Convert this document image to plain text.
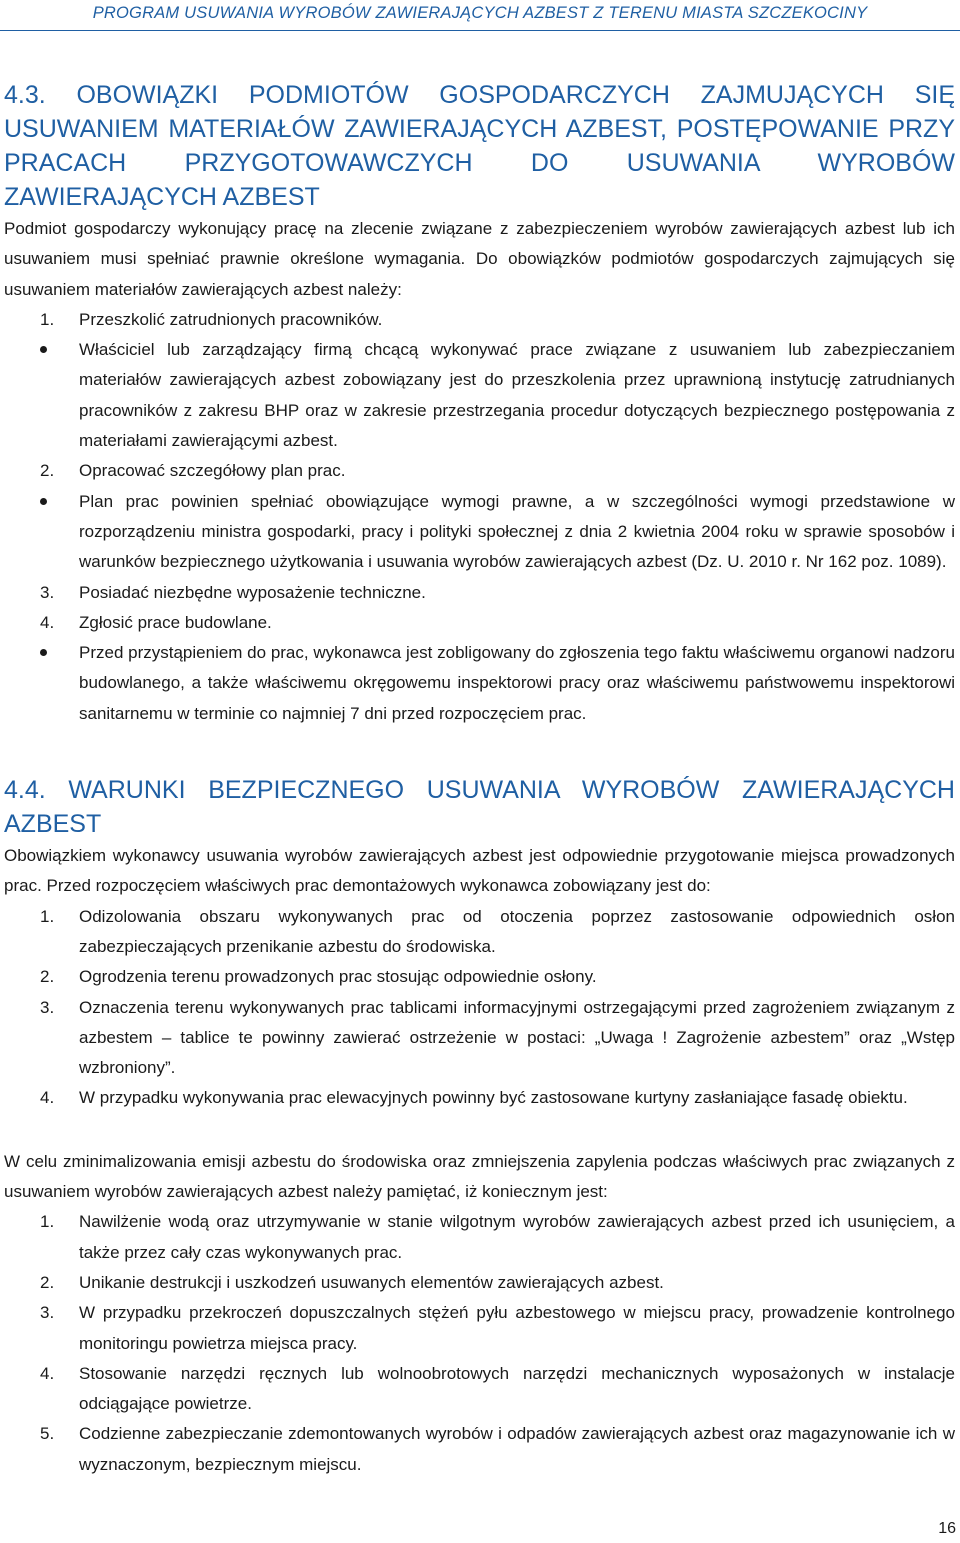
PROGRAM USUWANIA WYROBÓW ZAWIERAJĄCYCH AZBEST Z TERENU MIASTA SZCZEKOCINY
4.3. OBOWIĄZKI PODMIOTÓW GOSPODARCZYCH ZAJMUJĄCYCH SIĘ USUWANIEM MATERIAŁÓW ZAWIERAJĄCYCH AZBEST, POSTĘPOWANIE PRZY PRACACH PRZYGOTOWAWCZYCH DO USUWANIA WYROBÓW ZAWIERAJĄCYCH AZBEST

Podmiot gospodarczy wykonujący pracę na zlecenie związane z zabezpieczeniem wyrobów zawierających azbest lub ich usuwaniem musi spełniać prawnie określone wymagania. Do obowiązków podmiotów gospodarczych zajmujących się usuwaniem materiałów zawierających azbest należy:

1. Przeszkolić zatrudnionych pracowników.
Właściciel lub zarządzający firmą chcącą wykonywać prace związane z usuwaniem lub zabezpieczaniem materiałów zawierających azbest zobowiązany jest do przeszkolenia przez uprawnioną instytucję zatrudnianych pracowników z zakresu BHP oraz w zakresie przestrzegania procedur dotyczących bezpiecznego postępowania z materiałami zawierającymi azbest.
2. Opracować szczegółowy plan prac.
Plan prac powinien spełniać obowiązujące wymogi prawne, a w szczególności wymogi przedstawione w rozporządzeniu ministra gospodarki, pracy i polityki społecznej z dnia 2 kwietnia 2004 roku w sprawie sposobów i warunków bezpiecznego użytkowania i usuwania wyrobów zawierających azbest (Dz. U. 2010 r. Nr 162 poz. 1089).
3. Posiadać niezbędne wyposażenie techniczne.
4. Zgłosić prace budowlane.
Przed przystąpieniem do prac, wykonawca jest zobligowany do zgłoszenia tego faktu właściwemu organowi nadzoru budowlanego, a także właściwemu okręgowemu inspektorowi pracy oraz właściwemu państwowemu inspektorowi sanitarnemu w terminie co najmniej 7 dni przed rozpoczęciem prac.
4.4. WARUNKI BEZPIECZNEGO USUWANIA WYROBÓW ZAWIERAJĄCYCH AZBEST

Obowiązkiem wykonawcy usuwania wyrobów zawierających azbest jest odpowiednie przygotowanie miejsca prowadzonych prac. Przed rozpoczęciem właściwych prac demontażowych wykonawca zobowiązany jest do:

1. Odizolowania obszaru wykonywanych prac od otoczenia poprzez zastosowanie odpowiednich osłon zabezpieczających przenikanie azbestu do środowiska.
2. Ogrodzenia terenu prowadzonych prac stosując odpowiednie osłony.
3. Oznaczenia terenu wykonywanych prac tablicami informacyjnymi ostrzegającymi przed zagrożeniem związanym z azbestem – tablice te powinny zawierać ostrzeżenie w postaci: „Uwaga ! Zagrożenie azbestem” oraz „Wstęp wzbroniony”.
4. W przypadku wykonywania prac elewacyjnych powinny być zastosowane kurtyny zasłaniające fasadę obiektu.

W celu zminimalizowania emisji azbestu do środowiska oraz zmniejszenia zapylenia podczas właściwych prac związanych z usuwaniem wyrobów zawierających azbest należy pamiętać, iż koniecznym jest:

1. Nawilżenie wodą oraz utrzymywanie w stanie wilgotnym wyrobów zawierających azbest przed ich usunięciem, a także przez cały czas wykonywanych prac.
2. Unikanie destrukcji i uszkodzeń usuwanych elementów zawierających azbest.
3. W przypadku przekroczeń dopuszczalnych stężeń pyłu azbestowego w miejscu pracy, prowadzenie kontrolnego monitoringu powietrza miejsca pracy.
4. Stosowanie narzędzi ręcznych lub wolnoobrotowych narzędzi mechanicznych wyposażonych w instalacje odciągające powietrze.
5. Codzienne zabezpieczanie zdemontowanych wyrobów i odpadów zawierających azbest oraz magazynowanie ich w wyznaczonym, bezpiecznym miejscu.
16
